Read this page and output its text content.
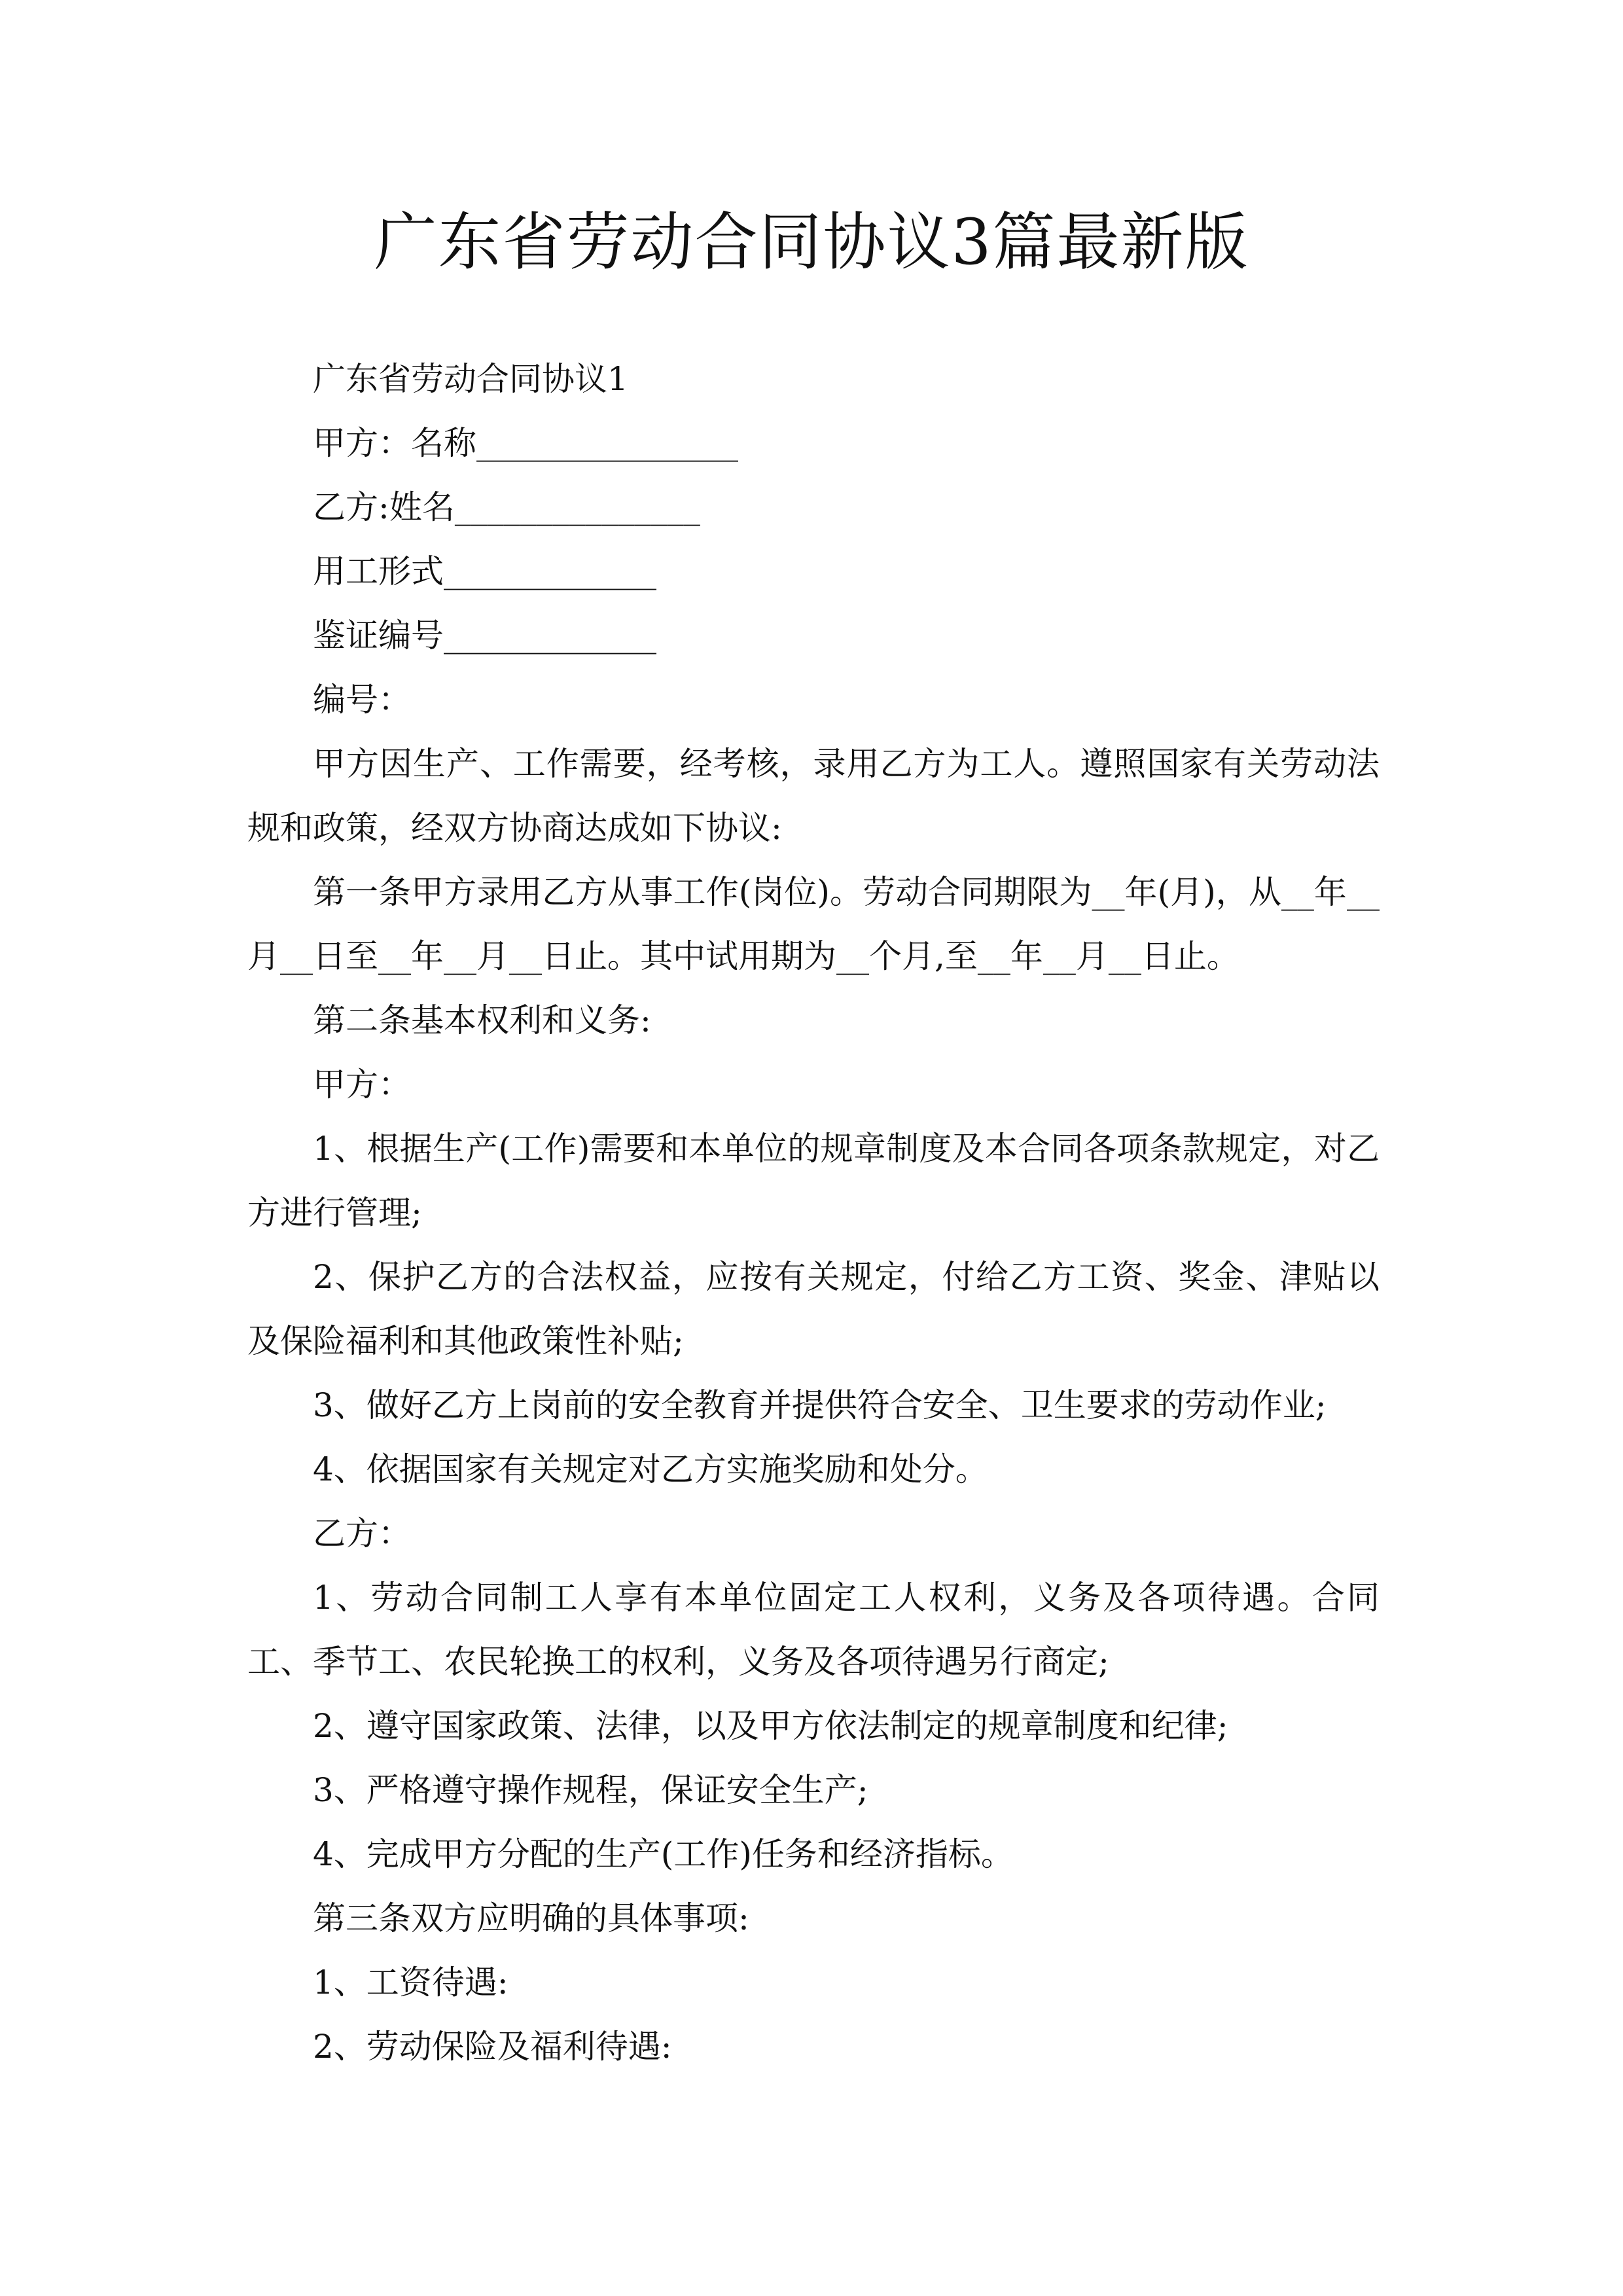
广东省劳动合同协议3篇最新版

广东省劳动合同协议1

甲方：名称________________

乙方:姓名_______________

用工形式_____________

鉴证编号_____________

编号：

甲方因生产、工作需要，经考核，录用乙方为工人。遵照国家有关劳动法规和政策，经双方协商达成如下协议:

第一条甲方录用乙方从事工作(岗位)。劳动合同期限为__年(月)，从__年__月__日至__年__月__日止。其中试用期为__个月,至__年__月__日止。

第二条基本权利和义务:

甲方：

1、根据生产(工作)需要和本单位的规章制度及本合同各项条款规定，对乙方进行管理;

2、保护乙方的合法权益，应按有关规定，付给乙方工资、奖金、津贴以及保险福利和其他政策性补贴;

3、做好乙方上岗前的安全教育并提供符合安全、卫生要求的劳动作业;

4、依据国家有关规定对乙方实施奖励和处分。

乙方：

1、劳动合同制工人享有本单位固定工人权利，义务及各项待遇。合同工、季节工、农民轮换工的权利，义务及各项待遇另行商定;

2、遵守国家政策、法律，以及甲方依法制定的规章制度和纪律;

3、严格遵守操作规程，保证安全生产;

4、完成甲方分配的生产(工作)任务和经济指标。

第三条双方应明确的具体事项:

1、工资待遇:

2、劳动保险及福利待遇:
